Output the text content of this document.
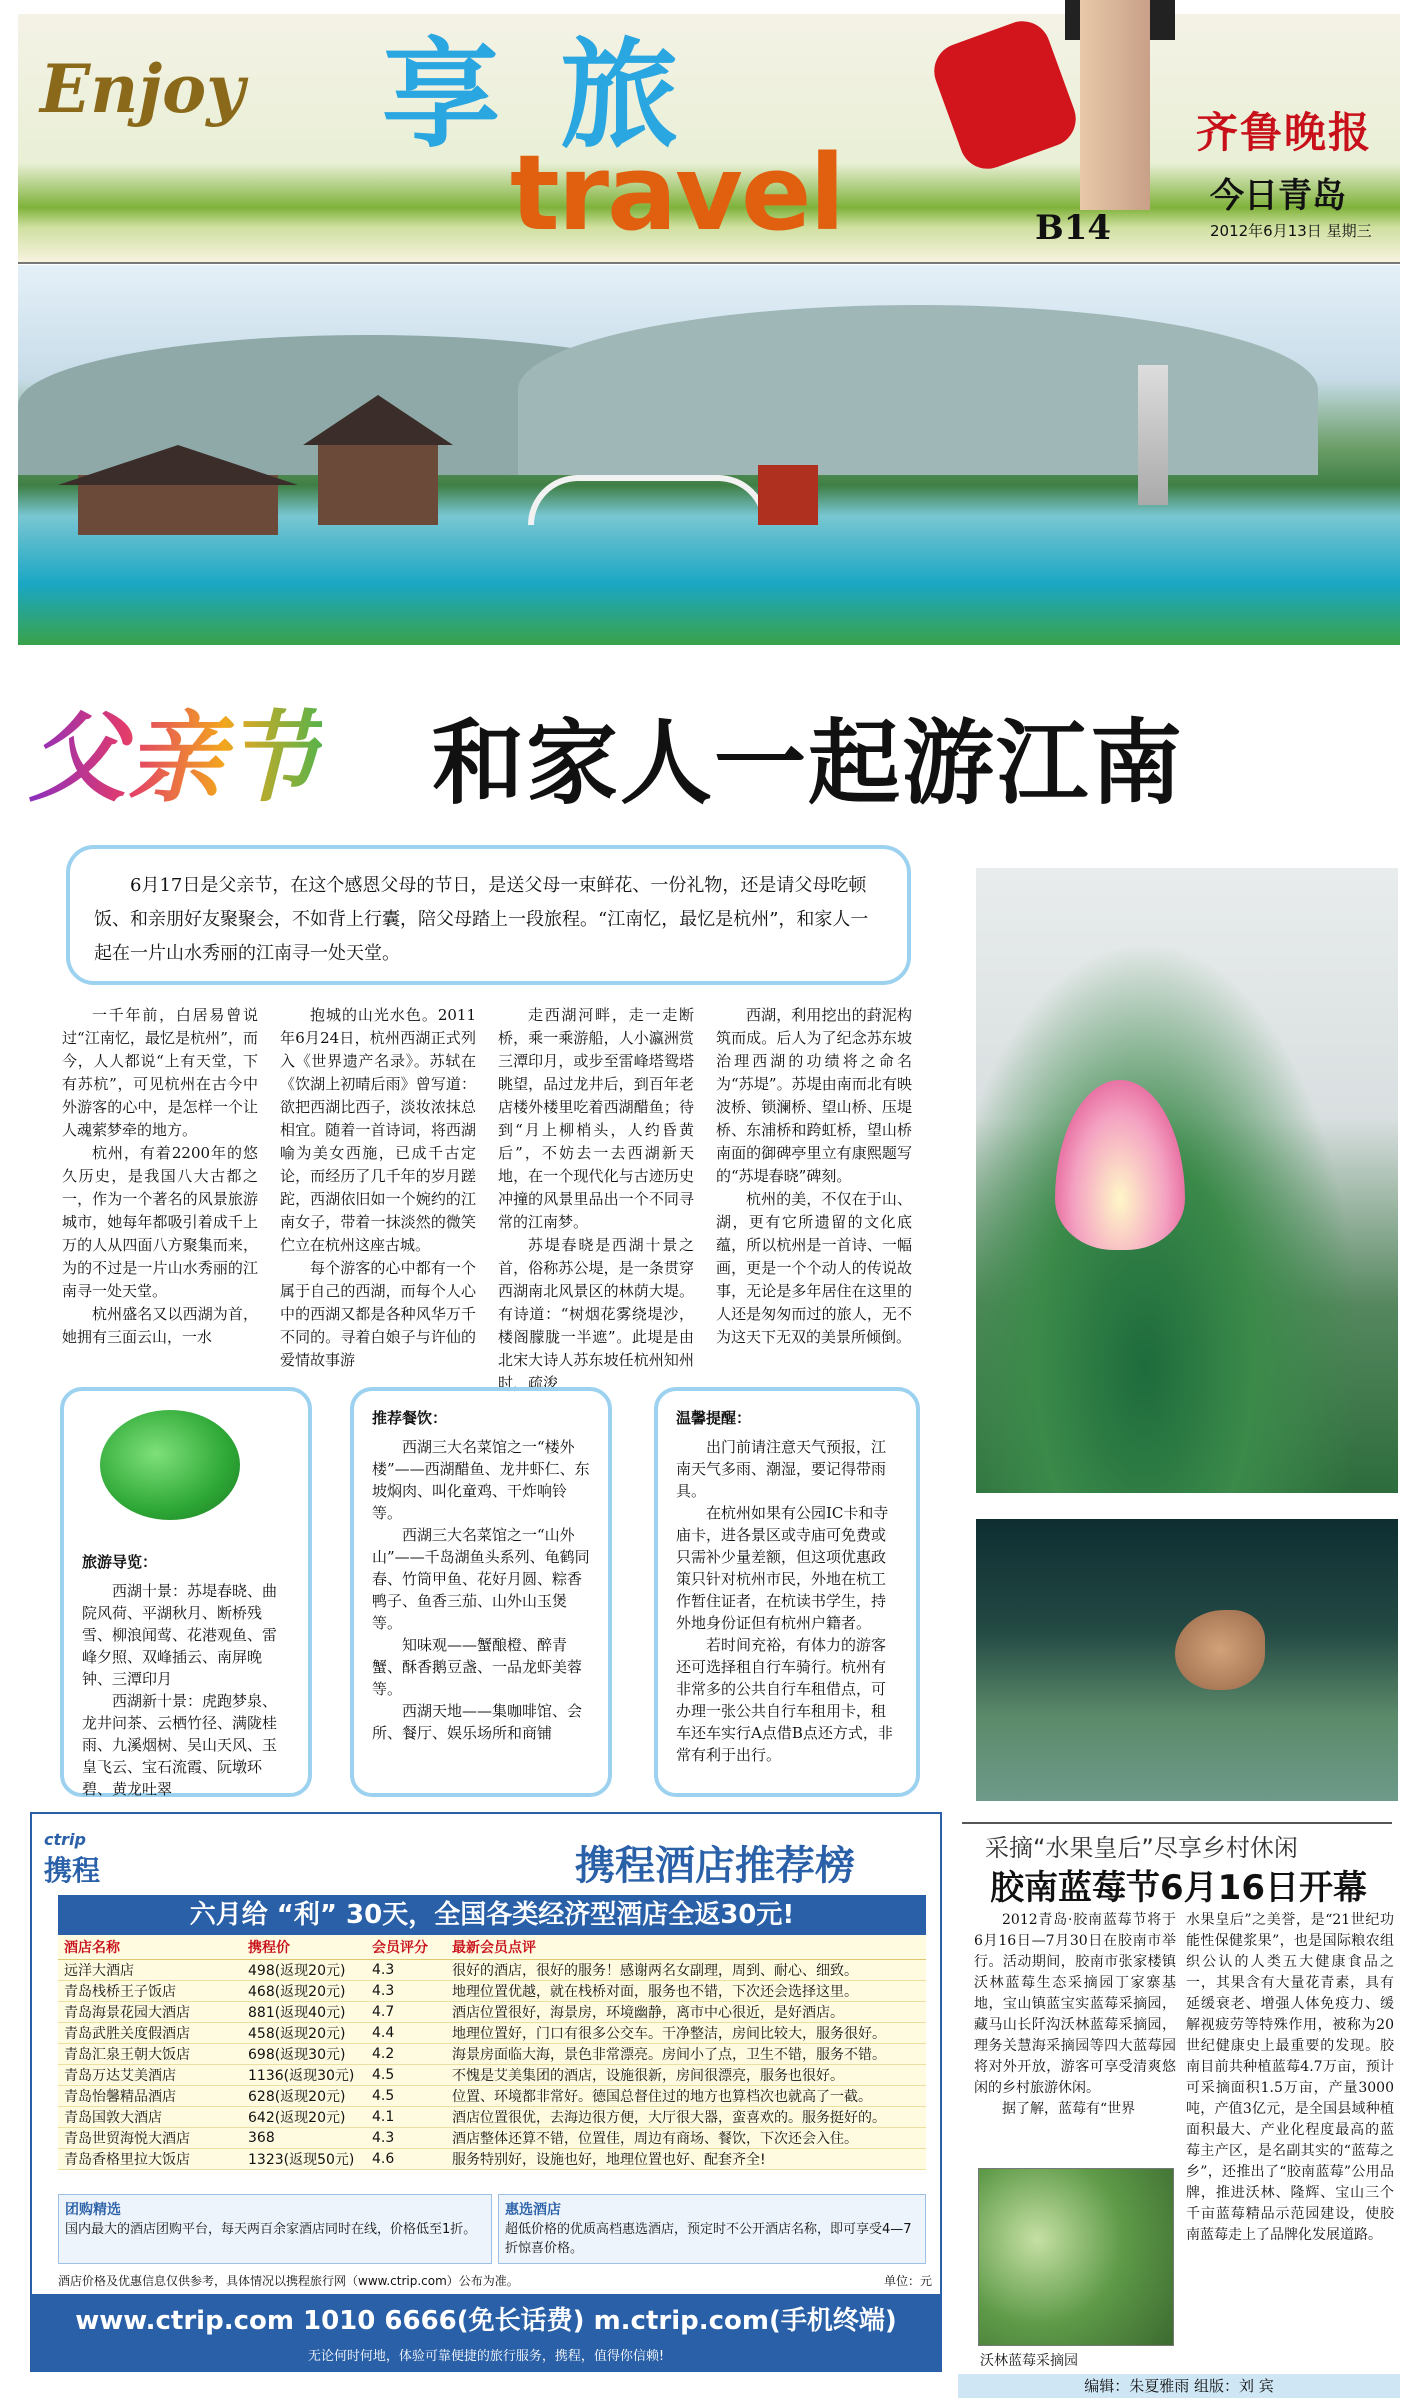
Enjoy 享旅
travel	齐鲁晚报
今日青岛
B14	2012年6月13日 星期三
父亲节 和家人一起游江南
6月17日是父亲节，在这个感恩父母的节日，是送父母一束鲜花、一份礼物，还是请父母吃顿饭、和亲朋好友聚聚会，不如背上行囊，陪父母踏上一段旅程。“江南忆，最忆是杭州”，和家人一起在一片山水秀丽的江南寻一处天堂。

一千年前，白居易曾说过“江南忆，最忆是杭州”，而今，人人都说“上有天堂，下有苏杭”，可见杭州在古今中外游客的心中，是怎样一个让人魂萦梦牵的地方。

杭州，有着2200年的悠久历史，是我国八大古都之一，作为一个著名的风景旅游城市，她每年都吸引着成千上万的人从四面八方聚集而来，为的不过是一片山水秀丽的江南寻一处天堂。

杭州盛名又以西湖为首，她拥有三面云山，一水

抱城的山光水色。2011年6月24日，杭州西湖正式列入《世界遗产名录》。苏轼在《饮湖上初晴后雨》曾写道：欲把西湖比西子，淡妆浓抹总相宜。随着一首诗词，将西湖喻为美女西施，已成千古定论，而经历了几千年的岁月蹉跎，西湖依旧如一个婉约的江南女子，带着一抹淡然的微笑伫立在杭州这座古城。

每个游客的心中都有一个属于自己的西湖，而每个人心中的西湖又都是各种风华万千不同的。寻着白娘子与许仙的爱情故事游

走西湖河畔，走一走断桥，乘一乘游船，人小瀛洲赏三潭印月，或步至雷峰塔鸳塔眺望，品过龙井后，到百年老店楼外楼里吃着西湖醋鱼；待到“月上柳梢头，人约昏黄后”，不妨去一去西湖新天地，在一个现代化与古迹历史冲撞的风景里品出一个不同寻常的江南梦。

苏堤春晓是西湖十景之首，俗称苏公堤，是一条贯穿西湖南北风景区的林荫大堤。有诗道：“树烟花雾绕堤沙，楼阁朦胧一半遮”。此堤是由北宋大诗人苏东坡任杭州知州时，疏浚

西湖，利用挖出的葑泥构筑而成。后人为了纪念苏东坡治理西湖的功绩将之命名为“苏堤”。苏堤由南而北有映波桥、锁澜桥、望山桥、压堤桥、东浦桥和跨虹桥，望山桥南面的御碑亭里立有康熙题写的“苏堤春晓”碑刻。

杭州的美，不仅在于山、湖，更有它所遗留的文化底蕴，所以杭州是一首诗、一幅画，更是一个个动人的传说故事，无论是多年居住在这里的人还是匆匆而过的旅人，无不为这天下无双的美景所倾倒。

旅游导览：

西湖十景：苏堤春晓、曲院风荷、平湖秋月、断桥残雪、柳浪闻莺、花港观鱼、雷峰夕照、双峰插云、南屏晚钟、三潭印月

西湖新十景：虎跑梦泉、龙井问茶、云栖竹径、满陇桂雨、九溪烟树、吴山天风、玉皇飞云、宝石流霞、阮墩环碧、黄龙吐翠

推荐餐饮：

西湖三大名菜馆之一“楼外楼”——西湖醋鱼、龙井虾仁、东坡焖肉、叫化童鸡、干炸响铃等。

西湖三大名菜馆之一“山外山”——千岛湖鱼头系列、龟鹤同春、竹筒甲鱼、花好月圆、粽香鸭子、鱼香三茄、山外山玉煲等。

知味观——蟹酿橙、醉青蟹、酥香鹅豆盏、一品龙虾美蓉等。

西湖天地——集咖啡馆、会所、餐厅、娱乐场所和商铺

温馨提醒：

出门前请注意天气预报，江南天气多雨、潮湿，要记得带雨具。

在杭州如果有公园IC卡和寺庙卡，进各景区或寺庙可免费或只需补少量差额，但这项优惠政策只针对杭州市民，外地在杭工作暂住证者，在杭读书学生，持外地身份证但有杭州户籍者。

若时间充裕，有体力的游客还可选择租自行车骑行。杭州有非常多的公共自行车租借点，可办理一张公共自行车租用卡，租车还车实行A点借B点还方式，非常有利于出行。

ctrip
携程	携程酒店推荐榜
六月给 “利” 30天，全国各类经济型酒店全返30元!
酒店名称	携程价	会员评分	最新会员点评
远洋大酒店	498(返现20元)	4.3	很好的酒店，很好的服务！感谢两名女副理，周到、耐心、细致。
青岛栈桥王子饭店	468(返现20元)	4.3	地理位置优越，就在栈桥对面，服务也不错，下次还会选择这里。
青岛海景花园大酒店	881(返现40元)	4.7	酒店位置很好，海景房，环境幽静，离市中心很近，是好酒店。
青岛武胜关度假酒店	458(返现20元)	4.4	地理位置好，门口有很多公交车。干净整洁，房间比较大，服务很好。
青岛汇泉王朝大饭店	698(返现30元)	4.2	海景房面临大海，景色非常漂亮。房间小了点，卫生不错，服务不错。
青岛万达艾美酒店	1136(返现30元)	4.5	不愧是艾美集团的酒店，设施很新，房间很漂亮，服务也很好。
青岛怡馨精品酒店	628(返现20元)	4.5	位置、环境都非常好。德国总督住过的地方也算档次也就高了一截。
青岛国敦大酒店	642(返现20元)	4.1	酒店位置很优，去海边很方便，大厅很大器，蛮喜欢的。服务挺好的。
青岛世贸海悦大酒店	368	4.3	酒店整体还算不错，位置佳，周边有商场、餐饮，下次还会入住。
青岛香格里拉大饭店	1323(返现50元)	4.6	服务特别好，设施也好，地理位置也好、配套齐全!
团购精选
国内最大的酒店团购平台，每天两百余家酒店同时在线，价格低至1折。
惠选酒店
超低价格的优质高档惠选酒店，预定时不公开酒店名称，即可享受4—7折惊喜价格。
酒店价格及优惠信息仅供参考，具体情况以携程旅行网（www.ctrip.com）公布为准。	单位：元
www.ctrip.com 1010 6666(免长话费) m.ctrip.com(手机终端)
无论何时何地，体验可靠便捷的旅行服务，携程，值得你信赖!
采摘“水果皇后”尽享乡村休闲
胶南蓝莓节6月16日开幕

2012青岛·胶南蓝莓节将于6月16日—7月30日在胶南市举行。活动期间，胶南市张家楼镇沃林蓝莓生态采摘园丁家寨基地，宝山镇蓝宝实蓝莓采摘园，藏马山长阡沟沃林蓝莓采摘园，理务关慧海采摘园等四大蓝莓园将对外开放，游客可享受清爽悠闲的乡村旅游休闲。

据了解，蓝莓有“世界

水果皇后”之美誉，是“21世纪功能性保健浆果”，也是国际粮农组织公认的人类五大健康食品之一，其果含有大量花青素，具有延缓衰老、增强人体免疫力、缓解视疲劳等特殊作用，被称为20世纪健康史上最重要的发现。胶南目前共种植蓝莓4.7万亩，预计可采摘面积1.5万亩，产量3000吨，产值3亿元，是全国县域种植面积最大、产业化程度最高的蓝莓主产区，是名副其实的“蓝莓之乡”，还推出了“胶南蓝莓”公用品牌，推进沃林、隆辉、宝山三个千亩蓝莓精品示范园建设，使胶南蓝莓走上了品牌化发展道路。

沃林蓝莓采摘园
编辑：朱夏雅雨 组版：刘 宾
